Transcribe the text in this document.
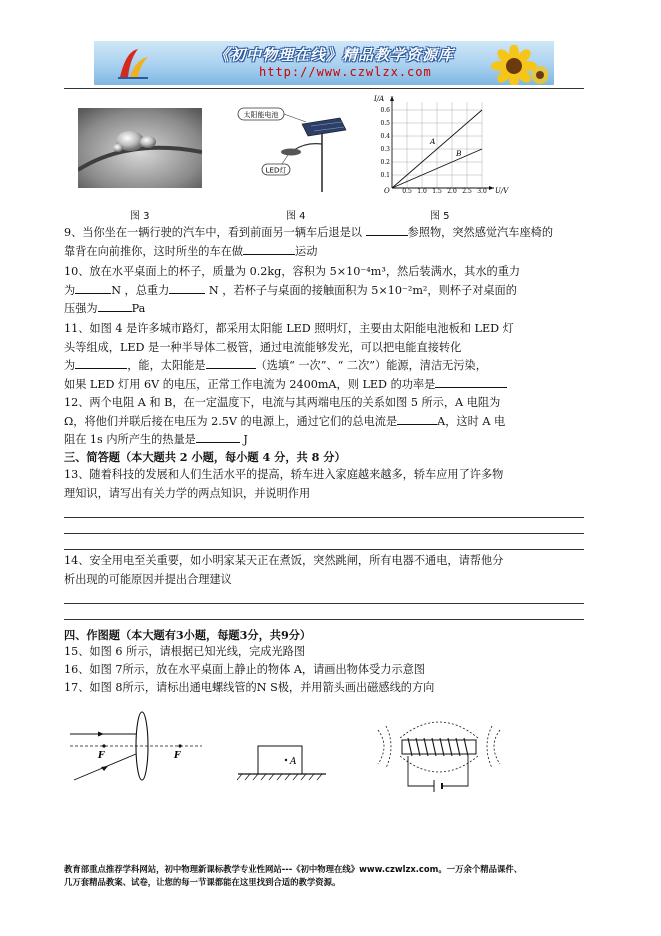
《初中物理在线》精品教学资源库
http://www.czwlzx.com
图 3
太阳能电池
LED灯
图 4
A
B
I/A
U/V
O 0.5 1.0 1.5 2.0 2.5 3.0
0.1
0.2
0.3
0.4
0.5
0.6
图 5
9、当你坐在一辆行驶的汽车中，看到前面另一辆车后退是以	参照物，突然感觉汽车座椅的
靠背在向前推你，这时所坐的车在做	运动
10、放在水平桌面上的杯子，质量为 0.2kg，容积为 5×10⁻⁴m³，然后装满水，其水的重力
为	N ，总重力	N ，若杯子与桌面的接触面积为 5×10⁻²m²，则杯子对桌面的
压强为	Pa
11、如图 4 是许多城市路灯，都采用太阳能 LED 照明灯，主要由太阳能电池板和 LED 灯
头等组成，LED 是一种半导体二极管，通过电流能够发光，可以把电能直接转化
为	，能，太阳能是	（选填“ 一次”、“ 二次”）能源，清洁无污染，
如果 LED 灯用 6V 的电压，正常工作电流为 2400mA，则 LED 的功率是
12、两个电阻 A 和 B，在一定温度下，电流与其两端电压的关系如图 5 所示，A 电阻为
Ω，将他们并联后接在电压为 2.5V 的电源上，通过它们的总电流是	A，这时 A 电
阻在 1s 内所产生的热量是	J
三、简答题（本大题共 2 小题，每小题 4 分，共 8 分）
13、随着科技的发展和人们生活水平的提高，轿车进入家庭越来越多，轿车应用了许多物
理知识，请写出有关力学的两点知识，并说明作用
14、安全用电至关重要，如小明家某天正在煮饭，突然跳闸，所有电器不通电，请帮他分
析出现的可能原因并提出合理建议
四、作图题（本大题有3小题，每题3分，共9分）
15、如图 6 所示，请根据已知光线，完成光路图
16、如图 7所示，放在水平桌面上静止的物体 A，请画出物体受力示意图
17、如图 8所示，请标出通电螺线管的N S极，并用箭头画出磁感线的方向
F	F
A
教育部重点推荐学科网站，初中物理新课标教学专业性网站---《初中物理在线》www.czwlzx.com。一万余个精品课件、
几万套精品教案、试卷，让您的每一节课都能在这里找到合适的教学资源。
